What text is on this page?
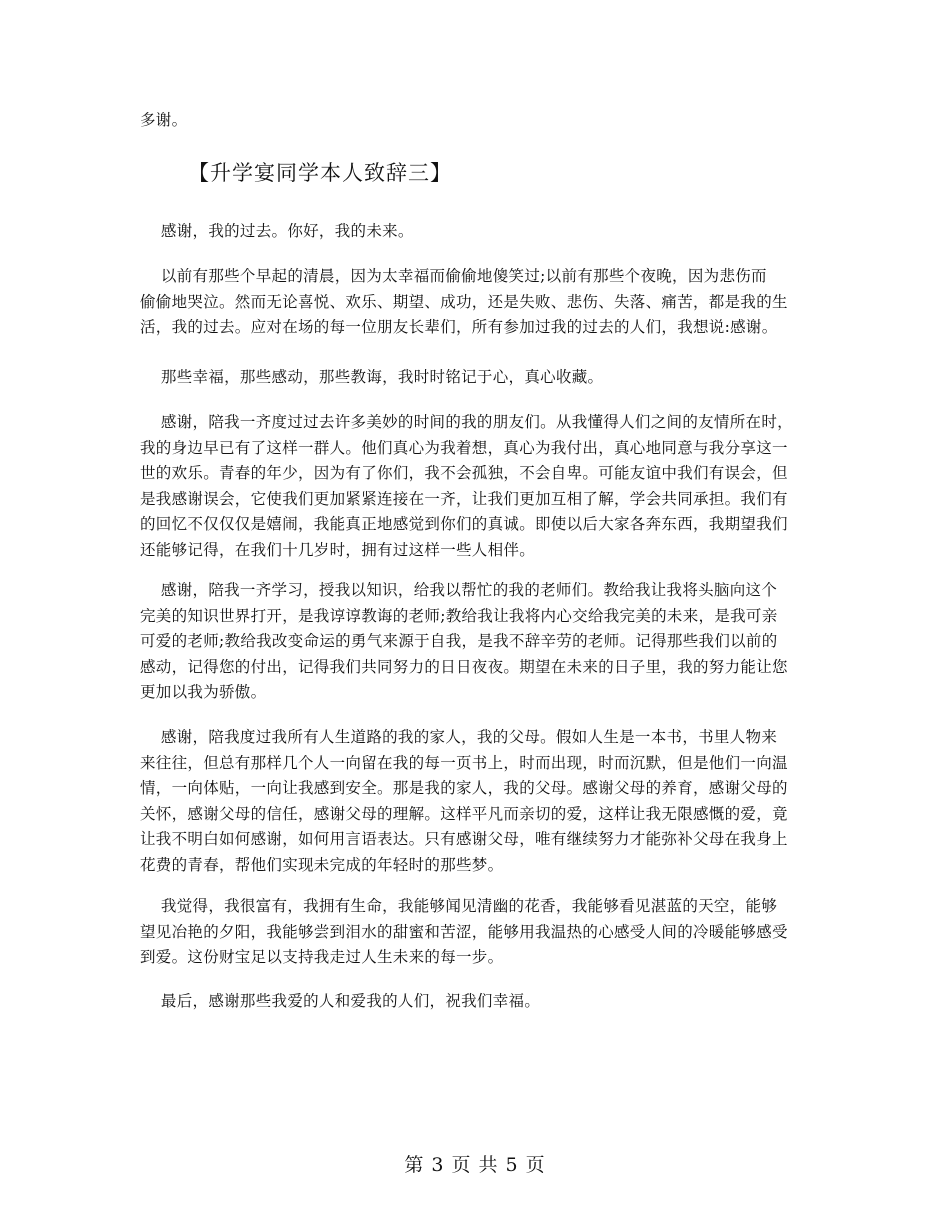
多谢。
【升学宴同学本人致辞三】
感谢，我的过去。你好，我的未来。
以前有那些个早起的清晨，因为太幸福而偷偷地傻笑过;以前有那些个夜晚，因为悲伤而
偷偷地哭泣。然而无论喜悦、欢乐、期望、成功，还是失败、悲伤、失落、痛苦，都是我的生
活，我的过去。应对在场的每一位朋友长辈们，所有参加过我的过去的人们，我想说:感谢。
那些幸福，那些感动，那些教诲，我时时铭记于心，真心收藏。
感谢，陪我一齐度过过去许多美妙的时间的我的朋友们。从我懂得人们之间的友情所在时，
我的身边早已有了这样一群人。他们真心为我着想，真心为我付出，真心地同意与我分享这一
世的欢乐。青春的年少，因为有了你们，我不会孤独，不会自卑。可能友谊中我们有误会，但
是我感谢误会，它使我们更加紧紧连接在一齐，让我们更加互相了解，学会共同承担。我们有
的回忆不仅仅仅是嬉闹，我能真正地感觉到你们的真诚。即使以后大家各奔东西，我期望我们
还能够记得，在我们十几岁时，拥有过这样一些人相伴。
感谢，陪我一齐学习，授我以知识，给我以帮忙的我的老师们。教给我让我将头脑向这个
完美的知识世界打开，是我谆谆教诲的老师;教给我让我将内心交给我完美的未来，是我可亲
可爱的老师;教给我改变命运的勇气来源于自我，是我不辞辛劳的老师。记得那些我们以前的
感动，记得您的付出，记得我们共同努力的日日夜夜。期望在未来的日子里，我的努力能让您
更加以我为骄傲。
感谢，陪我度过我所有人生道路的我的家人，我的父母。假如人生是一本书，书里人物来
来往往，但总有那样几个人一向留在我的每一页书上，时而出现，时而沉默，但是他们一向温
情，一向体贴，一向让我感到安全。那是我的家人，我的父母。感谢父母的养育，感谢父母的
关怀，感谢父母的信任，感谢父母的理解。这样平凡而亲切的爱，这样让我无限感慨的爱，竟
让我不明白如何感谢，如何用言语表达。只有感谢父母，唯有继续努力才能弥补父母在我身上
花费的青春，帮他们实现未完成的年轻时的那些梦。
我觉得，我很富有，我拥有生命，我能够闻见清幽的花香，我能够看见湛蓝的天空，能够
望见冶艳的夕阳，我能够尝到泪水的甜蜜和苦涩，能够用我温热的心感受人间的冷暖能够感受
到爱。这份财宝足以支持我走过人生未来的每一步。
最后，感谢那些我爱的人和爱我的人们，祝我们幸福。
第 3 页 共 5 页
